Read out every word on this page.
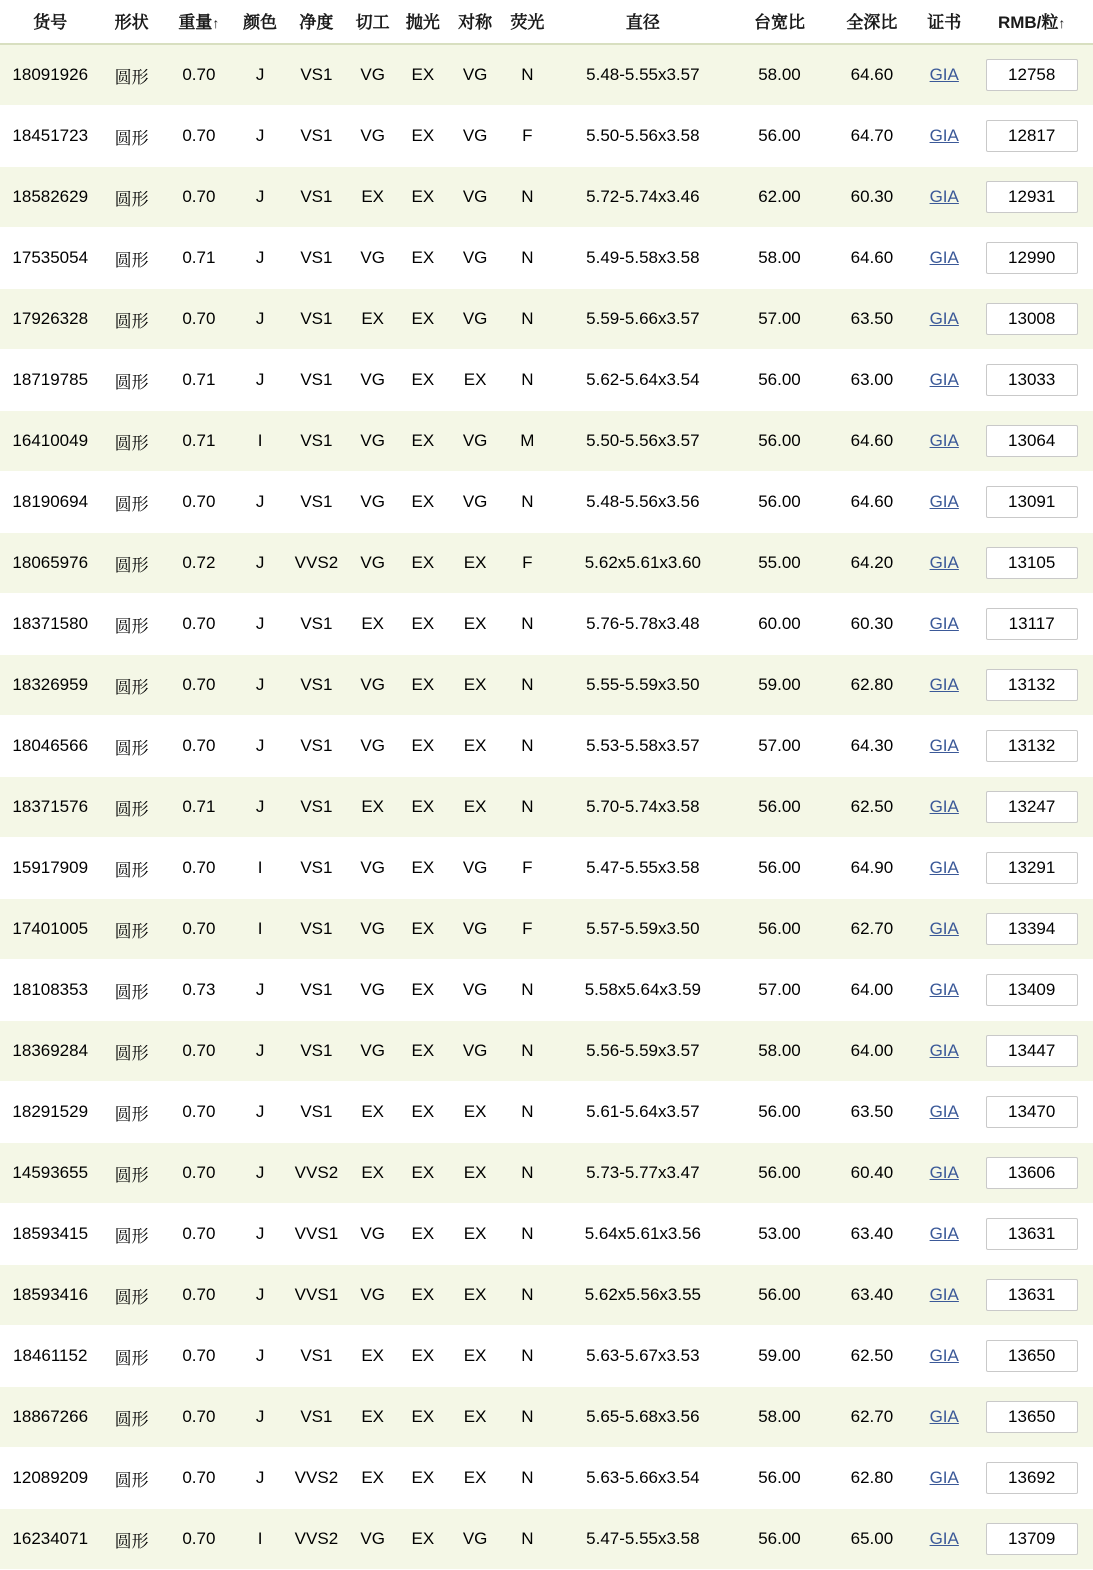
货号	形状	重量↑	颜色	净度	切工	抛光	对称	荧光	直径	台宽比	全深比	证书	RMB/粒↑
18091926	圆形	0.70	J	VS1	VG	EX	VG	N	5.48-5.55x3.57	58.00	64.60	GIA	12758
18451723	圆形	0.70	J	VS1	VG	EX	VG	F	5.50-5.56x3.58	56.00	64.70	GIA	12817
18582629	圆形	0.70	J	VS1	EX	EX	VG	N	5.72-5.74x3.46	62.00	60.30	GIA	12931
17535054	圆形	0.71	J	VS1	VG	EX	VG	N	5.49-5.58x3.58	58.00	64.60	GIA	12990
17926328	圆形	0.70	J	VS1	EX	EX	VG	N	5.59-5.66x3.57	57.00	63.50	GIA	13008
18719785	圆形	0.71	J	VS1	VG	EX	EX	N	5.62-5.64x3.54	56.00	63.00	GIA	13033
16410049	圆形	0.71	I	VS1	VG	EX	VG	M	5.50-5.56x3.57	56.00	64.60	GIA	13064
18190694	圆形	0.70	J	VS1	VG	EX	VG	N	5.48-5.56x3.56	56.00	64.60	GIA	13091
18065976	圆形	0.72	J	VVS2	VG	EX	EX	F	5.62x5.61x3.60	55.00	64.20	GIA	13105
18371580	圆形	0.70	J	VS1	EX	EX	EX	N	5.76-5.78x3.48	60.00	60.30	GIA	13117
18326959	圆形	0.70	J	VS1	VG	EX	EX	N	5.55-5.59x3.50	59.00	62.80	GIA	13132
18046566	圆形	0.70	J	VS1	VG	EX	EX	N	5.53-5.58x3.57	57.00	64.30	GIA	13132
18371576	圆形	0.71	J	VS1	EX	EX	EX	N	5.70-5.74x3.58	56.00	62.50	GIA	13247
15917909	圆形	0.70	I	VS1	VG	EX	VG	F	5.47-5.55x3.58	56.00	64.90	GIA	13291
17401005	圆形	0.70	I	VS1	VG	EX	VG	F	5.57-5.59x3.50	56.00	62.70	GIA	13394
18108353	圆形	0.73	J	VS1	VG	EX	VG	N	5.58x5.64x3.59	57.00	64.00	GIA	13409
18369284	圆形	0.70	J	VS1	VG	EX	VG	N	5.56-5.59x3.57	58.00	64.00	GIA	13447
18291529	圆形	0.70	J	VS1	EX	EX	EX	N	5.61-5.64x3.57	56.00	63.50	GIA	13470
14593655	圆形	0.70	J	VVS2	EX	EX	EX	N	5.73-5.77x3.47	56.00	60.40	GIA	13606
18593415	圆形	0.70	J	VVS1	VG	EX	EX	N	5.64x5.61x3.56	53.00	63.40	GIA	13631
18593416	圆形	0.70	J	VVS1	VG	EX	EX	N	5.62x5.56x3.55	56.00	63.40	GIA	13631
18461152	圆形	0.70	J	VS1	EX	EX	EX	N	5.63-5.67x3.53	59.00	62.50	GIA	13650
18867266	圆形	0.70	J	VS1	EX	EX	EX	N	5.65-5.68x3.56	58.00	62.70	GIA	13650
12089209	圆形	0.70	J	VVS2	EX	EX	EX	N	5.63-5.66x3.54	56.00	62.80	GIA	13692
16234071	圆形	0.70	I	VVS2	VG	EX	VG	N	5.47-5.55x3.58	56.00	65.00	GIA	13709
